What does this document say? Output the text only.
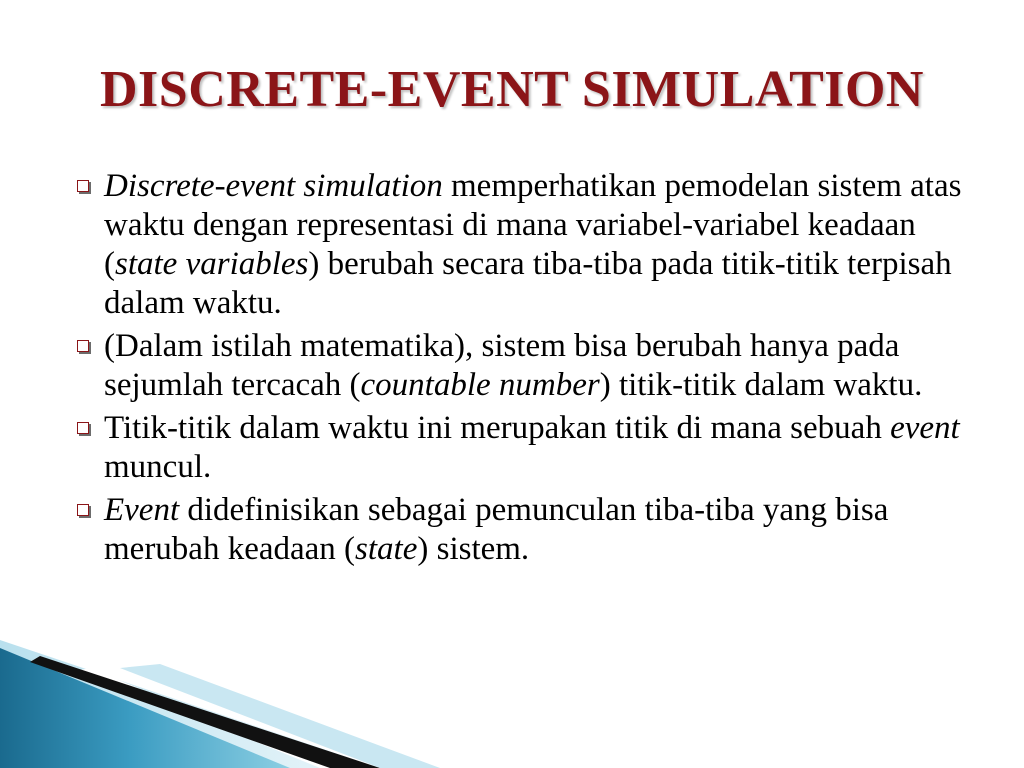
DISCRETE-EVENT SIMULATION
Discrete-event simulation memperhatikan pemodelan sistem atas waktu dengan representasi di mana variabel-variabel keadaan (state variables) berubah secara tiba-tiba pada titik-titik terpisah dalam waktu.
(Dalam istilah matematika), sistem bisa berubah hanya pada sejumlah tercacah (countable number) titik-titik dalam waktu.
Titik-titik dalam waktu ini merupakan titik di mana sebuah event muncul.
Event didefinisikan sebagai pemunculan tiba-tiba yang bisa merubah keadaan (state) sistem.
